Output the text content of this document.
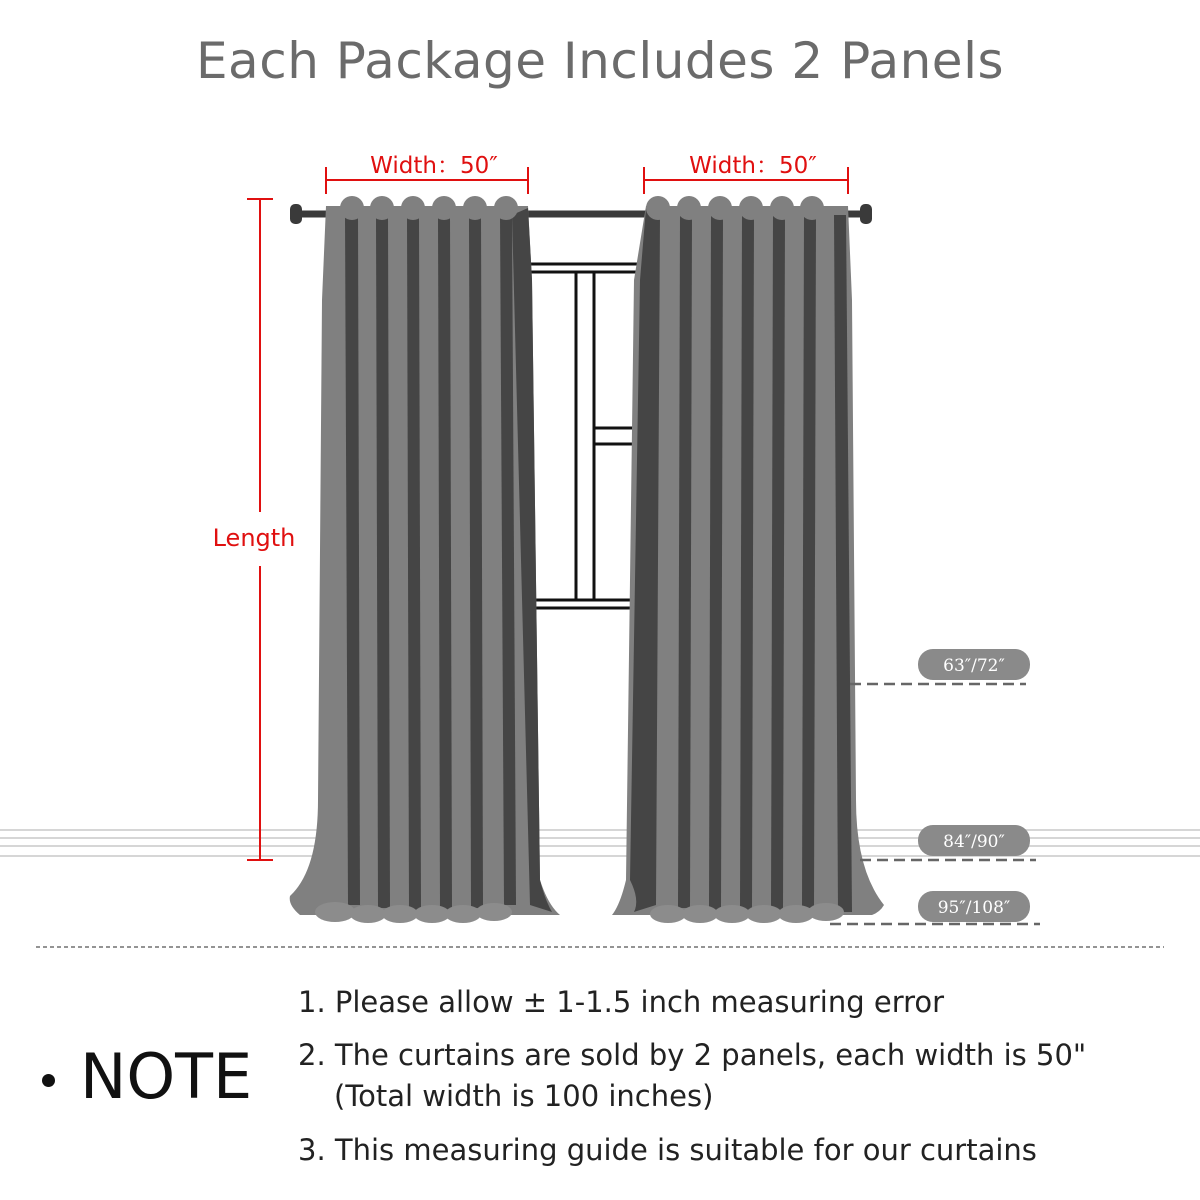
Each Package Includes 2 Panels
Width：50″	Width：50″
Length
63″/72″
84″/90″
95″/108″
NOTE
1. Please allow ± 1-1.5 inch measuring error
2. The curtains are sold by 2 panels, each width is 50"
(Total width is 100 inches)
3. This measuring guide is suitable for our curtains
